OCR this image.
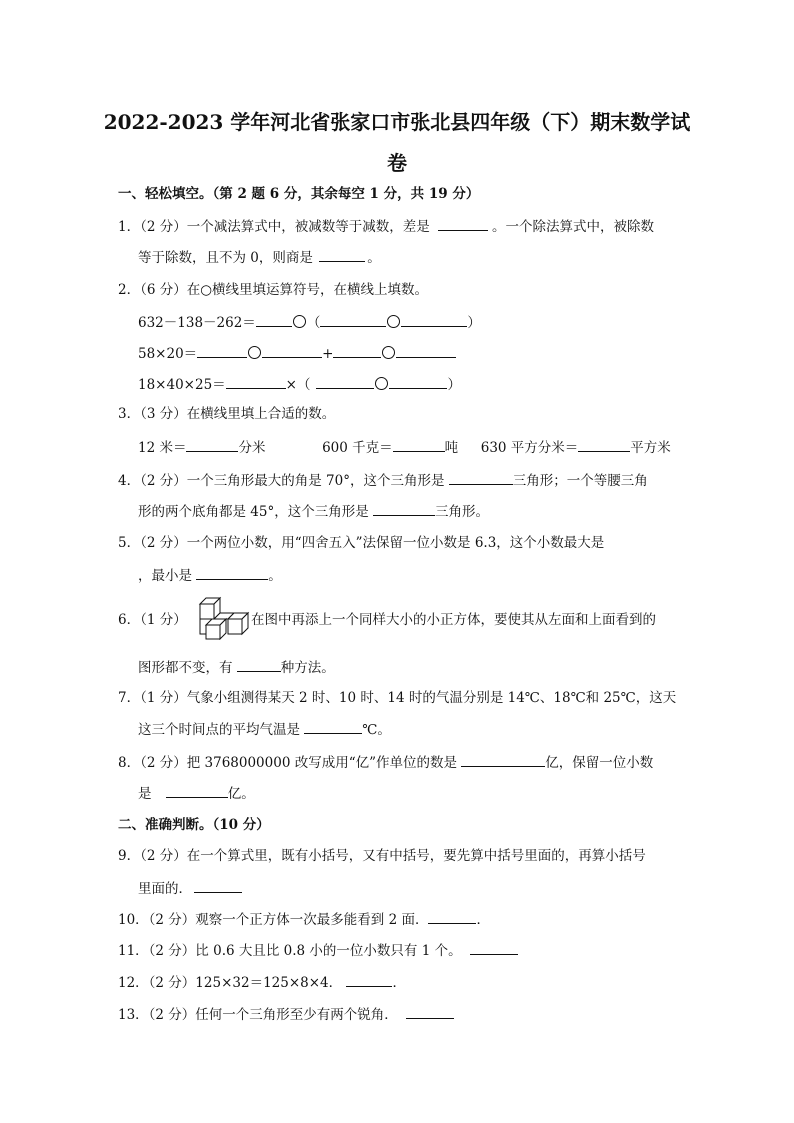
2022-2023 学年河北省张家口市张北县四年级（下）期末数学试
卷
一、轻松填空。（第 2 题 6 分，其余每空 1 分，共 19 分）
1．（2 分）一个减法算式中，被减数等于减数，差是	。一个除法算式中，被除数
等于除数，且不为 0，则商是	。
2．（6 分）在○横线里填运算符号，在横线上填数。
632－138－262＝	（	）
58×20＝	+
18×40×25＝	×（	）
3．（3 分）在横线里填上合适的数。
12 米＝	分米	600 千克＝	吨 630 平方分米＝	平方米
4．（2 分）一个三角形最大的角是 70°，这个三角形是	三角形；一个等腰三角
形的两个底角都是 45°，这个三角形是	三角形。
5．（2 分）一个两位小数，用“四舍五入”法保留一位小数是 6.3，这个小数最大是
，最小是	。
6．（1 分）	在图中再添上一个同样大小的小正方体，要使其从左面和上面看到的
图形都不变，有	种方法。
7．（1 分）气象小组测得某天 2 时、10 时、14 时的气温分别是 14℃、18℃和 25℃，这天
这三个时间点的平均气温是	℃。
8．（2 分）把 3768000000 改写成用“亿”作单位的数是	亿，保留一位小数
是	亿。
二、准确判断。（10 分）
9．（2 分）在一个算式里，既有小括号，又有中括号，要先算中括号里面的，再算小括号
里面的．
10．（2 分）观察一个正方体一次最多能看到 2 面．	．
11．（2 分）比 0.6 大且比 0.8 小的一位小数只有 1 个。
12．（2 分）125×32＝125×8×4．	．
13．（2 分）任何一个三角形至少有两个锐角．
